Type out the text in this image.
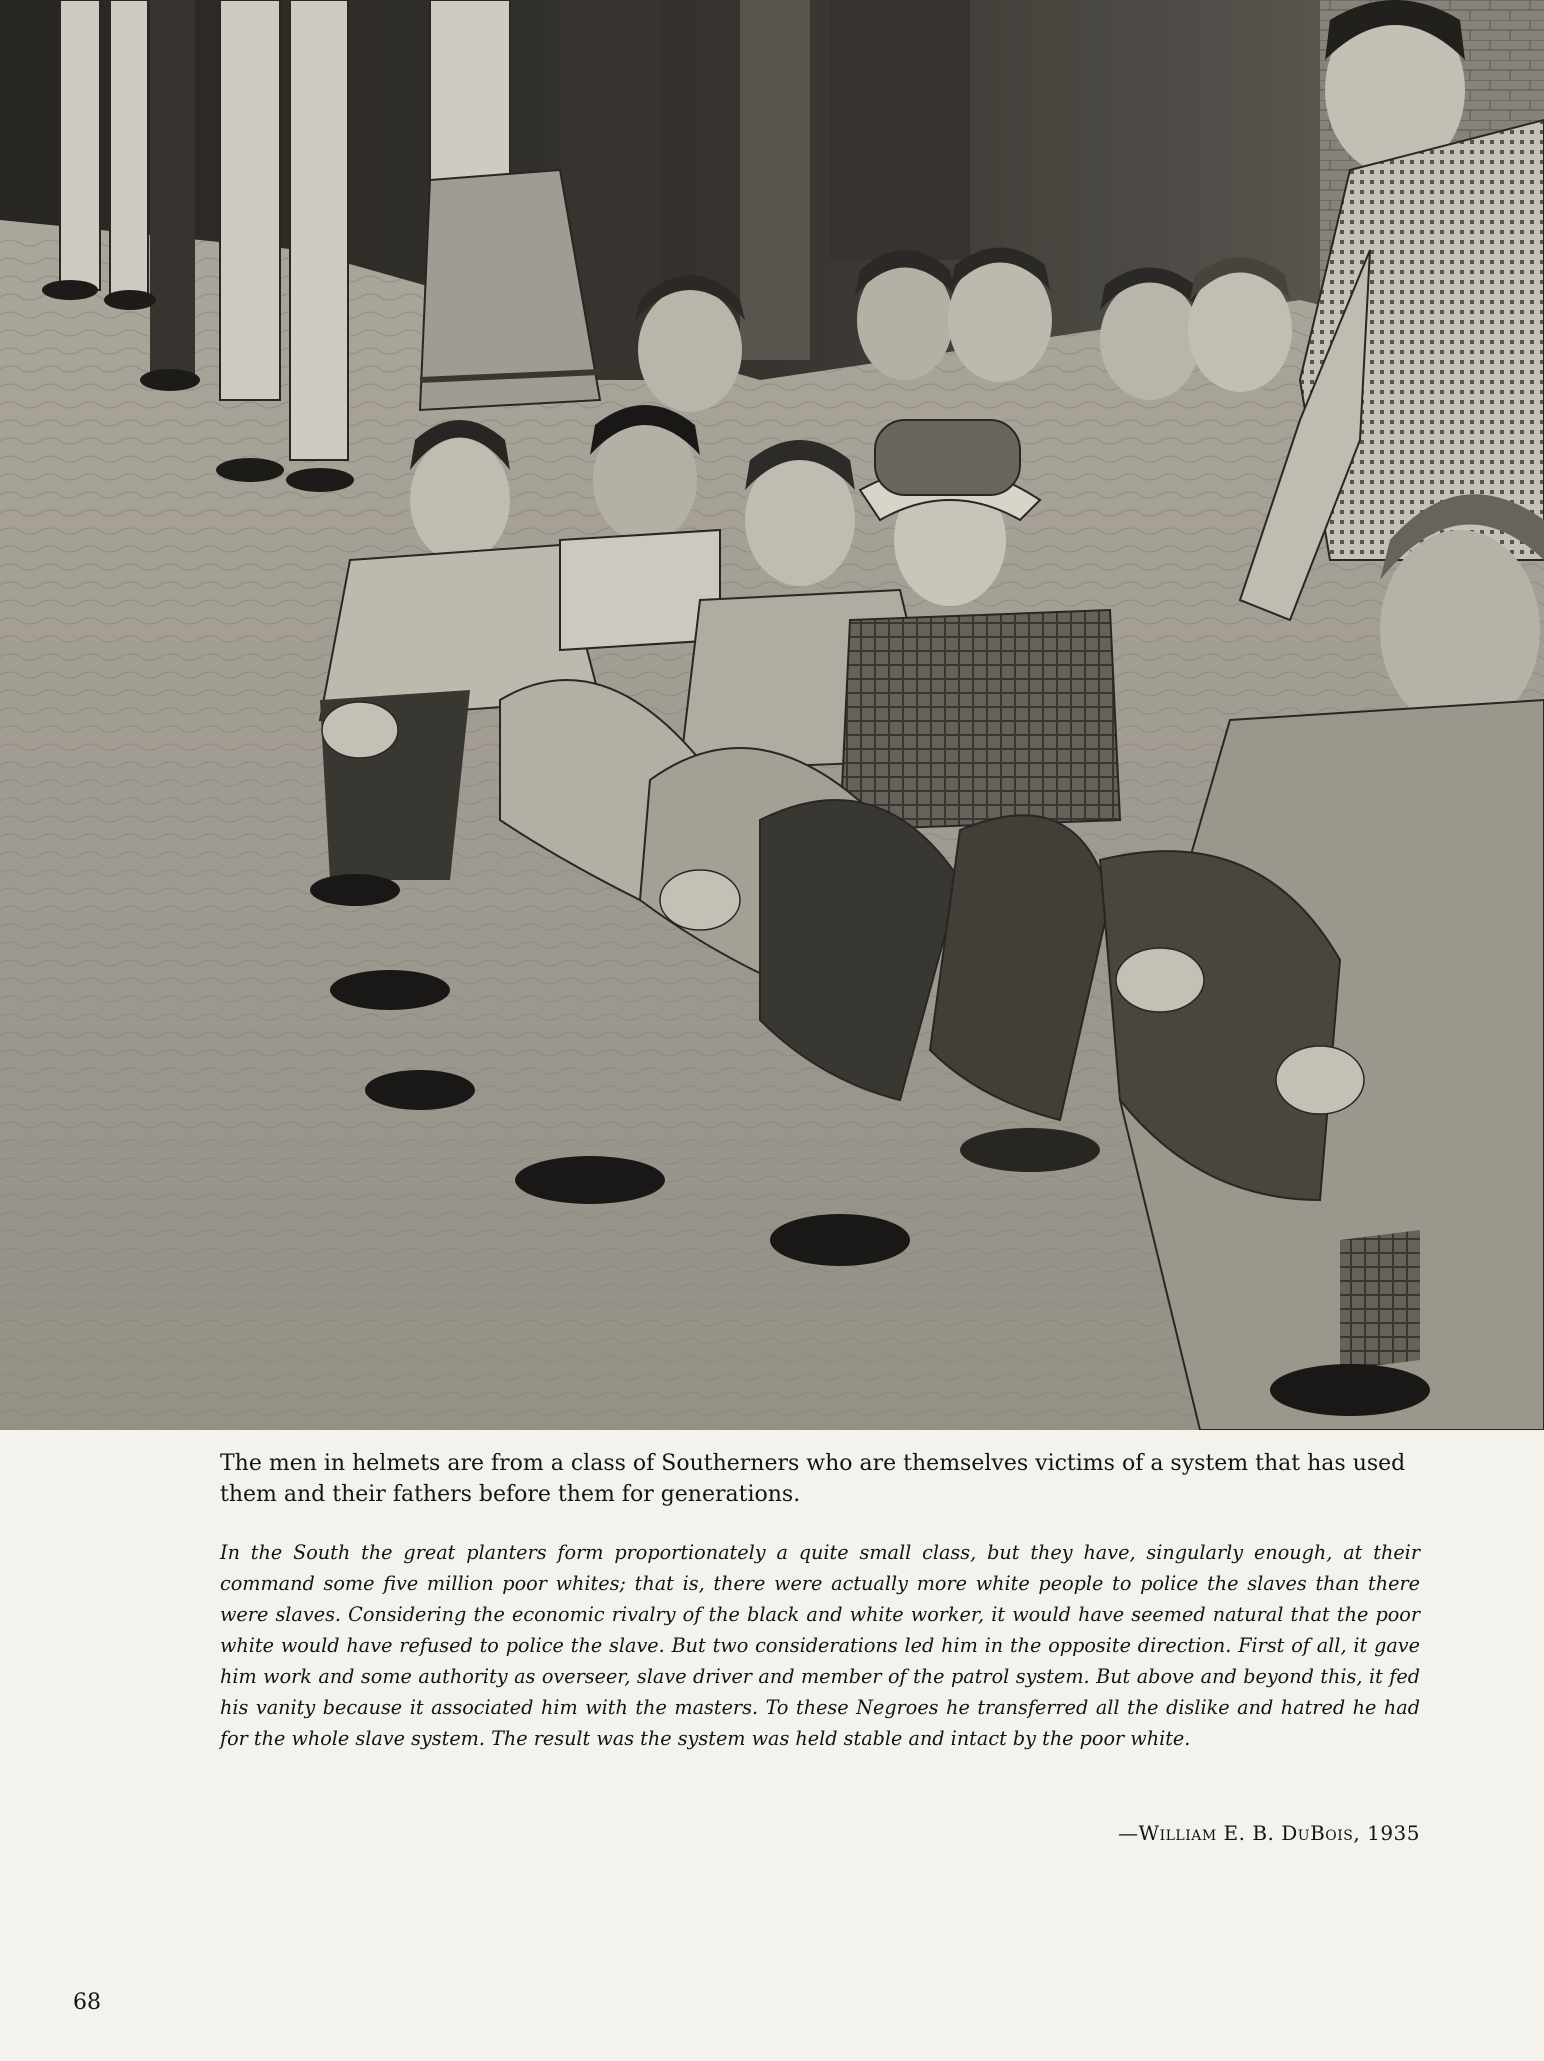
The men in helmets are from a class of Southerners who are themselves victims of a system that has used them and their fathers before them for generations.
In the South the great planters form proportionately a quite small class, but they have, singularly enough, at their command some five million poor whites; that is, there were actually more white people to police the slaves than there were slaves. Considering the economic rivalry of the black and white worker, it would have seemed natural that the poor white would have refused to police the slave. But two considerations led him in the opposite direction. First of all, it gave him work and some authority as overseer, slave driver and member of the patrol system. But above and beyond this, it fed his vanity because it associated him with the masters. To these Negroes he transferred all the dislike and hatred he had for the whole slave system. The result was the system was held stable and intact by the poor white.
—William E. B. DuBois, 1935
68
